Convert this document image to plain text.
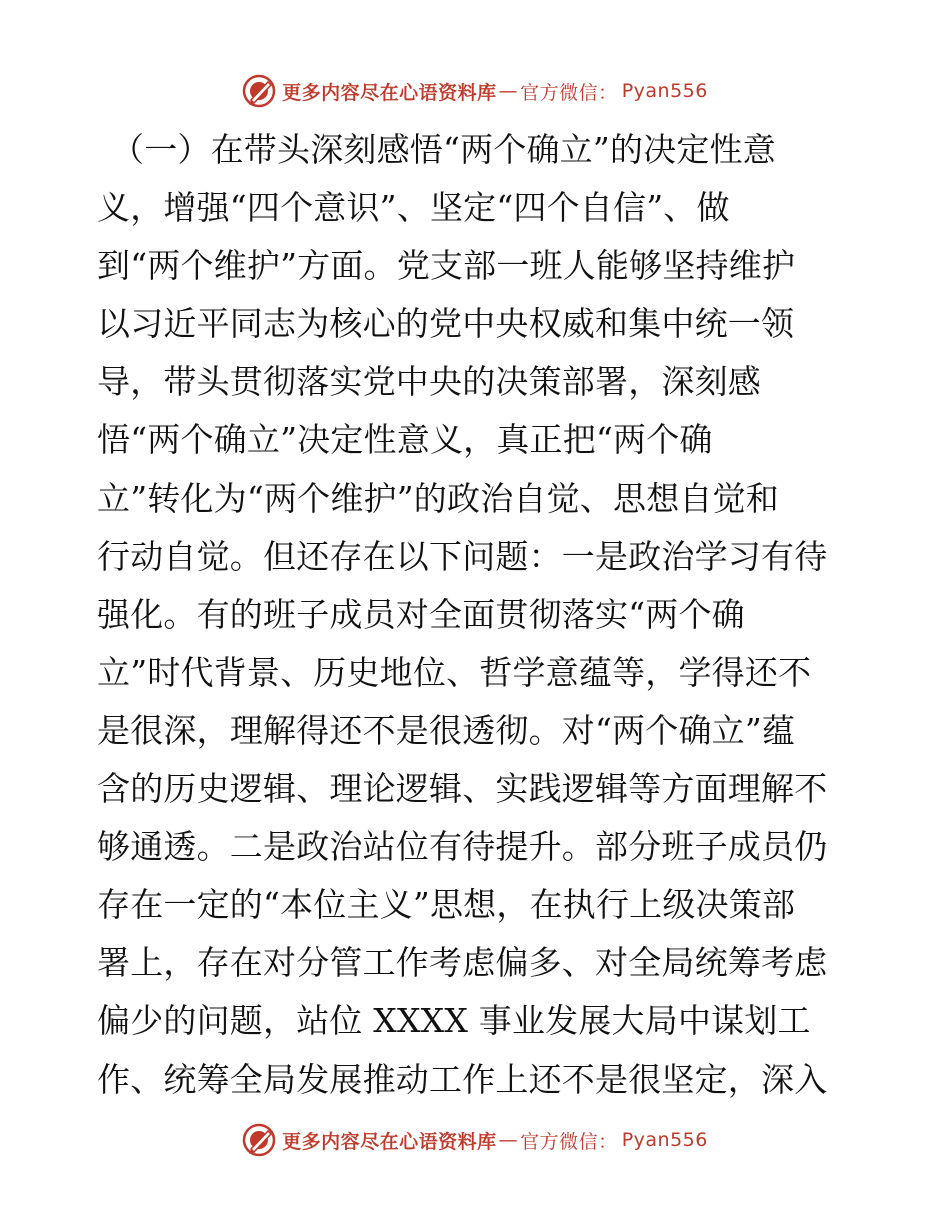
更多内容尽在心语资料库 — 官方微信： Pyan556
（一）在带头深刻感悟“两个确立”的决定性意
义，增强“四个意识”、坚定“四个自信”、做
到“两个维护”方面。党支部一班人能够坚持维护
以习近平同志为核心的党中央权威和集中统一领
导，带头贯彻落实党中央的决策部署，深刻感
悟“两个确立”决定性意义，真正把“两个确
立”转化为“两个维护”的政治自觉、思想自觉和
行动自觉。但还存在以下问题：一是政治学习有待
强化。有的班子成员对全面贯彻落实“两个确
立”时代背景、历史地位、哲学意蕴等，学得还不
是很深，理解得还不是很透彻。对“两个确立”蕴
含的历史逻辑、理论逻辑、实践逻辑等方面理解不
够通透。二是政治站位有待提升。部分班子成员仍
存在一定的“本位主义”思想，在执行上级决策部
署上，存在对分管工作考虑偏多、对全局统筹考虑
偏少的问题，站位 XXXX 事业发展大局中谋划工
作、统筹全局发展推动工作上还不是很坚定，深入
更多内容尽在心语资料库 — 官方微信： Pyan556
